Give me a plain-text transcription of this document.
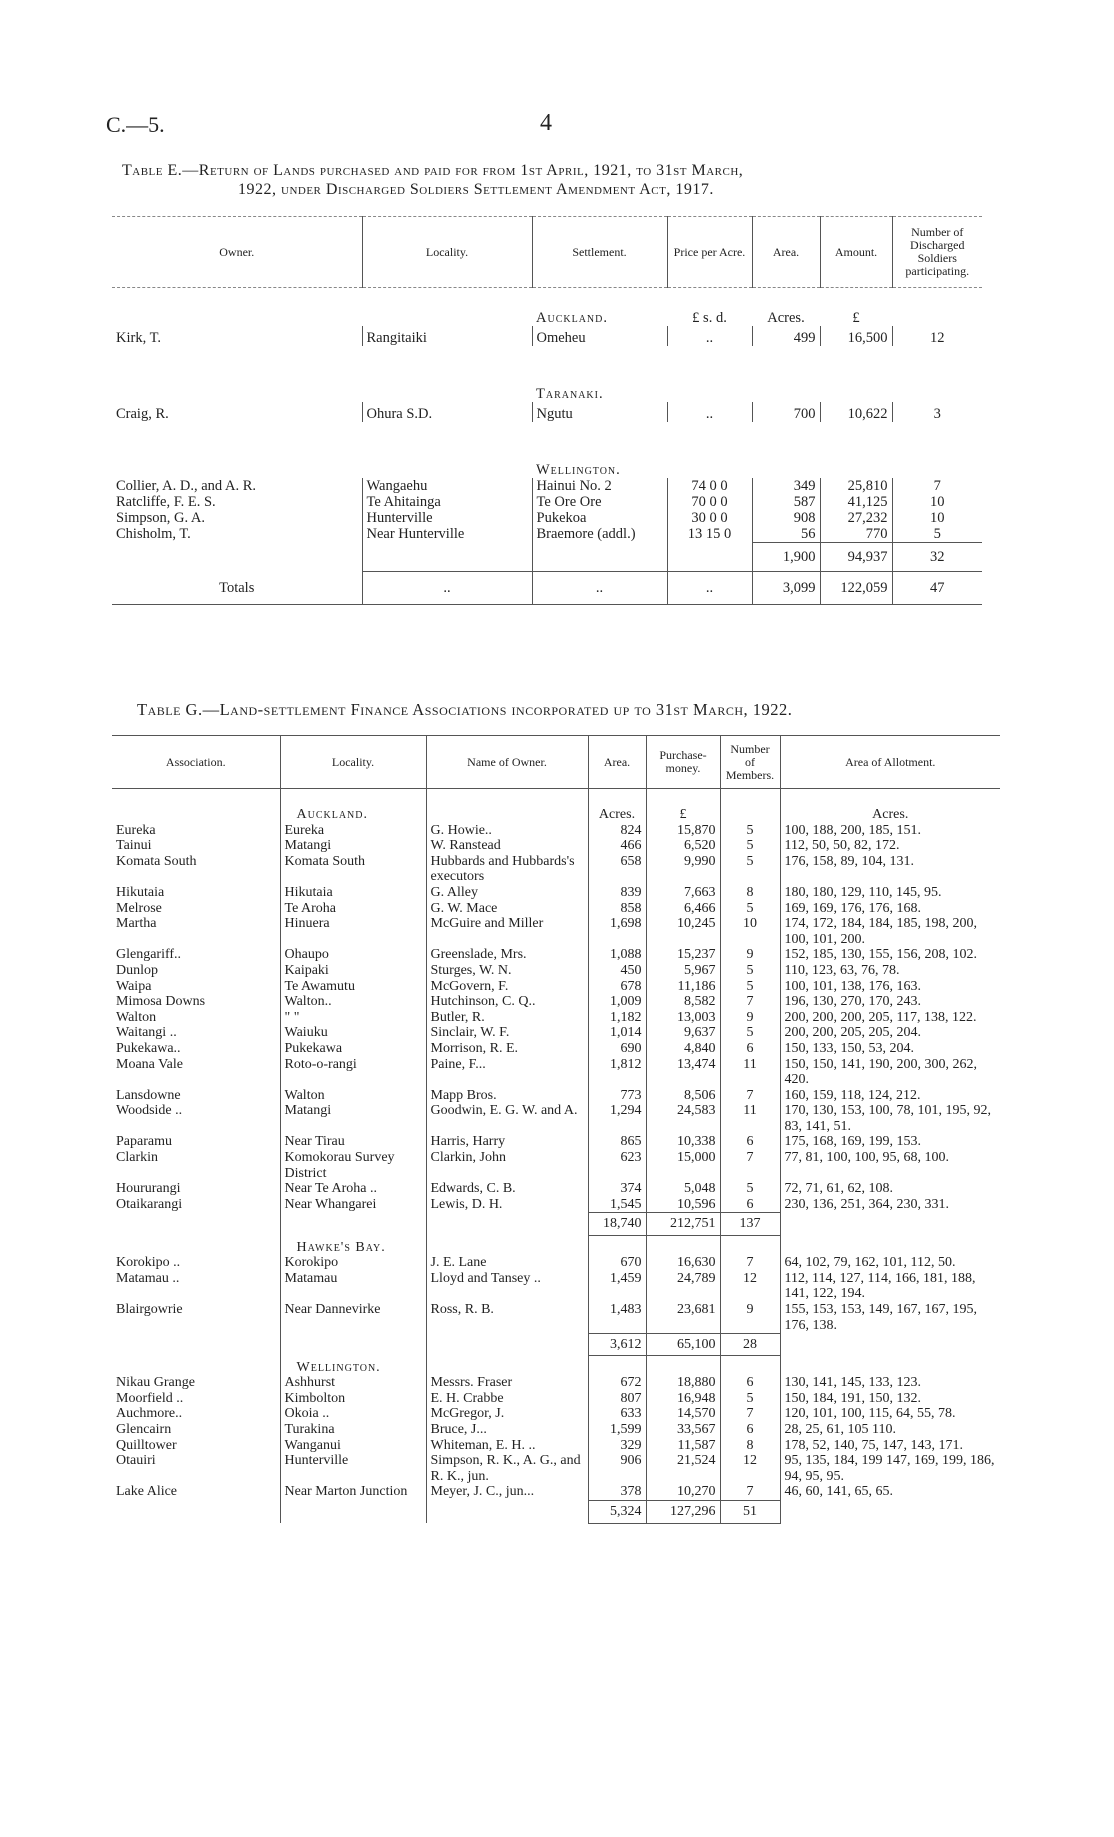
C.—5.	4
Table E.—Return of Lands purchased and paid for from 1st April, 1921, to 31st March,
1922, under Discharged Soldiers Settlement Amendment Act, 1917.
Owner.	Locality.	Settlement.	Price per Acre.	Area.	Amount.	Number of Discharged Soldiers participating.
		Auckland.	£ s. d.	Acres.	£	
Kirk, T.	Rangitaiki	Omeheu	..	499	16,500	12
		Taranaki.				
Craig, R.	Ohura S.D.	Ngutu	..	700	10,622	3
		Wellington.				
Collier, A. D., and A. R.	Wangaehu	Hainui No. 2	74 0 0	349	25,810	7
Ratcliffe, F. E. S.	Te Ahitainga	Te Ore Ore	70 0 0	587	41,125	10
Simpson, G. A.	Hunterville	Pukekoa	30 0 0	908	27,232	10
Chisholm, T.	Near Hunterville	Braemore (addl.)	13 15 0	56	770	5
				1,900	94,937	32
Totals	..	..	..	3,099	122,059	47
Table G.—Land-settlement Finance Associations incorporated up to 31st March, 1922.
Association.	Locality.	Name of Owner.	Area.	Purchase-money.	Number of Members.	Area of Allotment.
	Auckland.		Acres.	£		Acres.
Eureka	Eureka	G. Howie..	824	15,870	5	100, 188, 200, 185, 151.
Tainui	Matangi	W. Ranstead	466	6,520	5	112, 50, 50, 82, 172.
Komata South	Komata South	Hubbards and Hubbards's executors	658	9,990	5	176, 158, 89, 104, 131.
Hikutaia	Hikutaia	G. Alley	839	7,663	8	180, 180, 129, 110, 145, 95.
Melrose	Te Aroha	G. W. Mace	858	6,466	5	169, 169, 176, 176, 168.
Martha	Hinuera	McGuire and Miller	1,698	10,245	10	174, 172, 184, 184, 185, 198, 200, 100, 101, 200.
Glengariff..	Ohaupo	Greenslade, Mrs.	1,088	15,237	9	152, 185, 130, 155, 156, 208, 102.
Dunlop	Kaipaki	Sturges, W. N.	450	5,967	5	110, 123, 63, 76, 78.
Waipa	Te Awamutu	McGovern, F.	678	11,186	5	100, 101, 138, 176, 163.
Mimosa Downs	Walton..	Hutchinson, C. Q..	1,009	8,582	7	196, 130, 270, 170, 243.
Walton	" "	Butler, R.	1,182	13,003	9	200, 200, 200, 205, 117, 138, 122.
Waitangi ..	Waiuku	Sinclair, W. F.	1,014	9,637	5	200, 200, 205, 205, 204.
Pukekawa..	Pukekawa	Morrison, R. E.	690	4,840	6	150, 133, 150, 53, 204.
Moana Vale	Roto-o-rangi	Paine, F...	1,812	13,474	11	150, 150, 141, 190, 200, 300, 262, 420.
Lansdowne	Walton	Mapp Bros.	773	8,506	7	160, 159, 118, 124, 212.
Woodside ..	Matangi	Goodwin, E. G. W. and A.	1,294	24,583	11	170, 130, 153, 100, 78, 101, 195, 92, 83, 141, 51.
Paparamu	Near Tirau	Harris, Harry	865	10,338	6	175, 168, 169, 199, 153.
Clarkin	Komokorau Survey District	Clarkin, John	623	15,000	7	77, 81, 100, 100, 95, 68, 100.
Hoururangi	Near Te Aroha ..	Edwards, C. B.	374	5,048	5	72, 71, 61, 62, 108.
Otaikarangi	Near Whangarei	Lewis, D. H.	1,545	10,596	6	230, 136, 251, 364, 230, 331.
			18,740	212,751	137	
	Hawke's Bay.					
Korokipo ..	Korokipo	J. E. Lane	670	16,630	7	64, 102, 79, 162, 101, 112, 50.
Matamau ..	Matamau	Lloyd and Tansey ..	1,459	24,789	12	112, 114, 127, 114, 166, 181, 188, 141, 122, 194.
Blairgowrie	Near Dannevirke	Ross, R. B.	1,483	23,681	9	155, 153, 153, 149, 167, 167, 195, 176, 138.
			3,612	65,100	28	
	Wellington.					
Nikau Grange	Ashhurst	Messrs. Fraser	672	18,880	6	130, 141, 145, 133, 123.
Moorfield ..	Kimbolton	E. H. Crabbe	807	16,948	5	150, 184, 191, 150, 132.
Auchmore..	Okoia ..	McGregor, J.	633	14,570	7	120, 101, 100, 115, 64, 55, 78.
Glencairn	Turakina	Bruce, J...	1,599	33,567	6	28, 25, 61, 105 110.
Quilltower	Wanganui	Whiteman, E. H. ..	329	11,587	8	178, 52, 140, 75, 147, 143, 171.
Otauiri	Hunterville	Simpson, R. K., A. G., and R. K., jun.	906	21,524	12	95, 135, 184, 199 147, 169, 199, 186, 94, 95, 95.
Lake Alice	Near Marton Junction	Meyer, J. C., jun...	378	10,270	7	46, 60, 141, 65, 65.
			5,324	127,296	51	
